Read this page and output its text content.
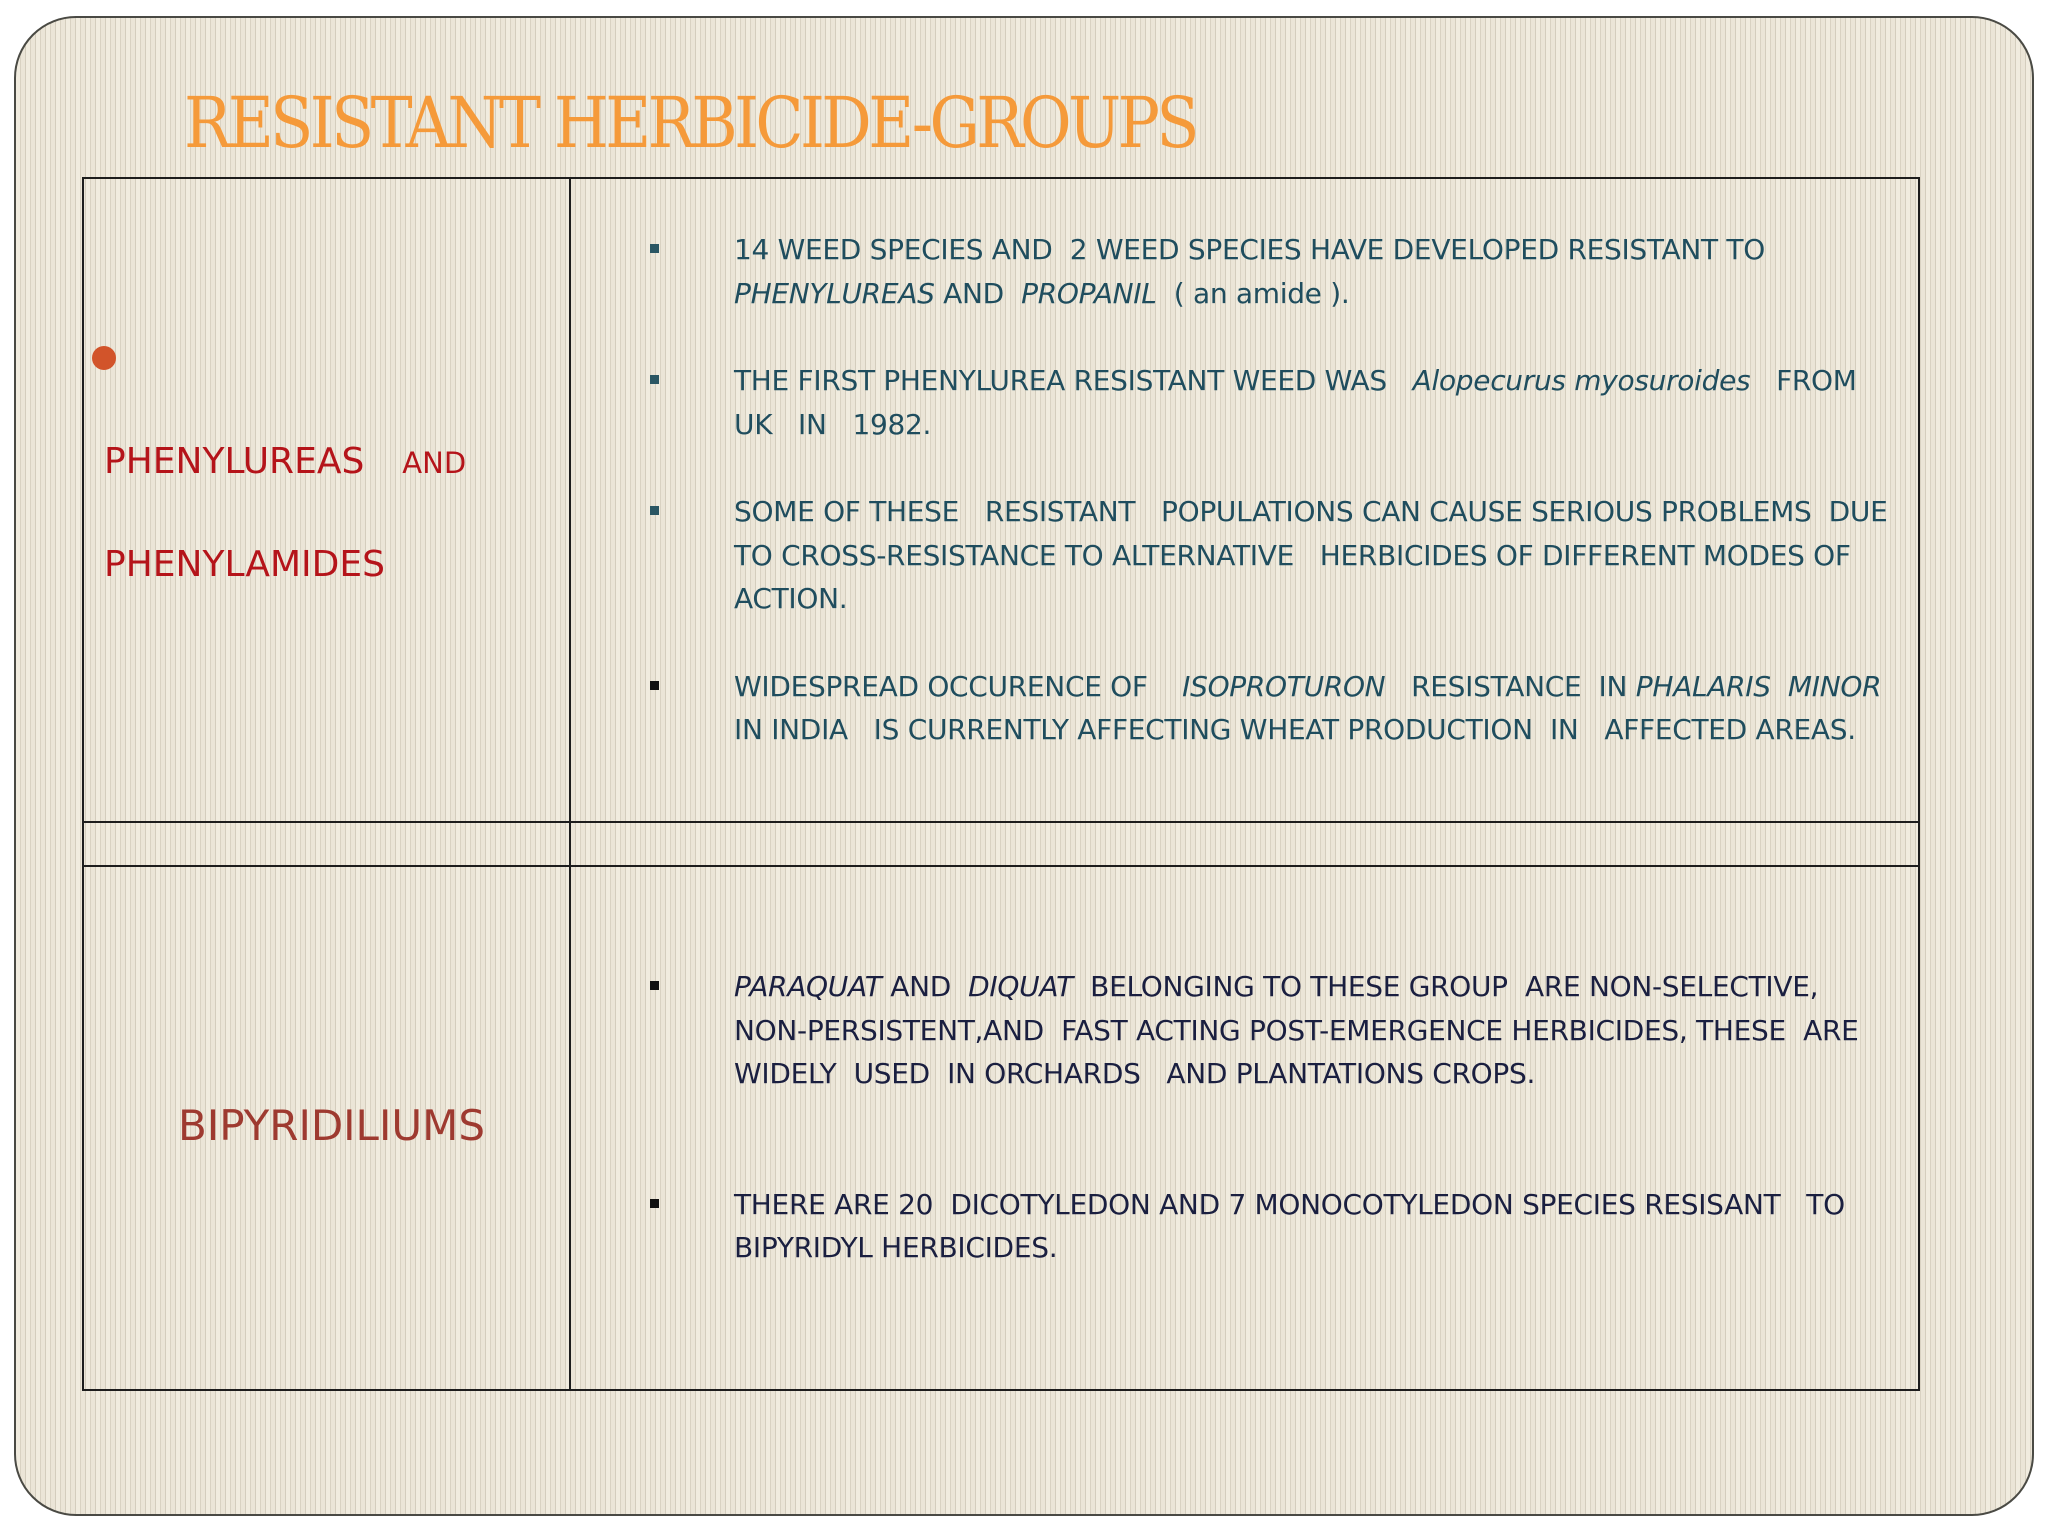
RESISTANT HERBICIDE-GROUPS
PHENYLUREAS AND
PHENYLAMIDES
14 WEED SPECIES AND  2 WEED SPECIES HAVE DEVELOPED RESISTANT TO PHENYLUREAS AND  PROPANIL  ( an amide ).
THE FIRST PHENYLUREA RESISTANT WEED WAS   Alopecurus myosuroides   FROM    UK   IN   1982.
SOME OF THESE   RESISTANT   POPULATIONS CAN CAUSE SERIOUS PROBLEMS  DUE TO CROSS-RESISTANCE TO ALTERNATIVE   HERBICIDES OF DIFFERENT MODES OF ACTION.
WIDESPREAD OCCURENCE OF    ISOPROTURON   RESISTANCE  IN PHALARIS  MINOR    IN INDIA   IS CURRENTLY AFFECTING WHEAT PRODUCTION  IN   AFFECTED AREAS.
BIPYRIDILIUMS
PARAQUAT AND  DIQUAT  BELONGING TO THESE GROUP  ARE NON-SELECTIVE, NON-PERSISTENT,AND  FAST ACTING POST-EMERGENCE HERBICIDES, THESE  ARE  WIDELY  USED  IN ORCHARDS   AND PLANTATIONS CROPS.
THERE ARE 20  DICOTYLEDON AND 7 MONOCOTYLEDON SPECIES RESISANT   TO   BIPYRIDYL HERBICIDES.
